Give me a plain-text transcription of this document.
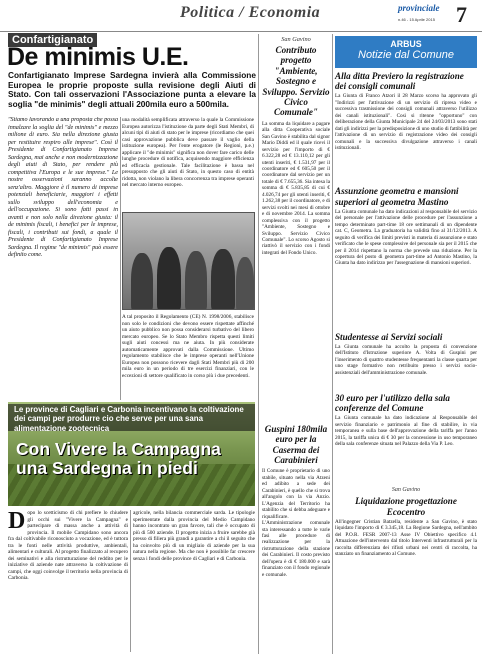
Politica / Economia	provinciale
n.46 - 15 Aprile 2015 7
Confartigianato
De minimis U.E.
Confartigianato Imprese Sardegna invierà alla Commissione Europea le proprie proposte sulla revisione degli Aiuti di Stato. Con tali osservazioni l'Associazione punta a elevare la soglia "de minimis" degli attuali 200mila euro a 500mila.
"Stiamo lavorando a una proposta che possa innalzare la soglia del "de minimis" e mezzo milione di euro. Sia nella direzione giusta per restituire respiro alle imprese". Così il Presidente di Confartigianato Imprese Sardegna, mai anche e non modernizzazione degli aiuti di Stato, per rendere più competitiva l'Europa e le sue imprese." Le nostre osservazioni saranno accolte senz'altro. Maggiore è il numero di imprese potenziali beneficiarie, maggiori i effetti sullo sviluppo dell'economia e dell'occupazione. Si sono fatti passi in avanti e non solo nella direzione giusta: il de minimis fiscali, i benefici per le imprese, fiscali, i contributi sui fondi, a quale il Presidente di Confartigianato Imprese Sardegna. Il regime "de minimis" può essere definito come.
una modalità semplificata attraverso la quale la Commissione Europea autorizza l'istituzione da parte degli Stati Membri, di alcuni tipi di aiuti di stato per le imprese (ricordiamo che quei casi approvazione pubblica deve passare il vaglio della istituzione europea). Per l'ente erogatore (le Regioni, p.e.) applicare il "de minimis" significa non dover fare carico delle lunghe procedure di notifica, acquisendo maggiore efficienza ed efficacia gestionale. Tale facilitazione è bassa nel presupposto che gli aiuti di Stato, in questo caso di entità ridotta, non violano la libera concorrenza tra imprese operanti nel mercato interno europeo.
A tal proposito il Regolamento (CE) N. 1998/2006, stabilisce non solo le condizioni che devono essere rispettate affinché un aiuto pubblico non possa considerarsi turbativo del libero mercato europeo. Se lo Stato Membro rispetta questi limiti sugli aiuti concessi ma ne aiuta. In più considerate automaticamente approvati dalla Commissione. Ultimo regolamento stabilisce che le imprese operanti nell'Unione Europea non possono ricevere dagli Stati Membri più di 200 mila euro in un periodo di tre esercizi finanziari, con le eccezioni di settore qualificato in corso più i due precedenti.
Le province di Cagliari e Carbonia incentivano la coltivazione dei campi per produrre cio che serve per una sana alimentazione zootecnica
Con Vivere la Campagna una Sardegna in piedi
Dopo lo scetticismo di chi prefiere lo chiudere gli occhi sui "Vivere la Campagna" e partecipare di massa anche a attività di provincia. Il mobile Campidano sono ancora fra dal coltivabile riconosciuto a vocazione, ed è tuttora tra le fonti nelle attività produttive, ambientali, alimentari e culturali. Al progetto finalizzato al recupero dei seminativi e alla ristrutturazione del reddito per le iniziative di aziende nate attraverso la coltivazione di campi, che oggi coinvolge il territorio nella provincia di Carbonia.
agricole, nella bilancia commerciale sarda. Le tipologie sperimentate dalla provincia del Medio Campidano hanno incontrato un gran favore, tali che è occupato di più di 500 aziende. Il progetto inizia a fruire sarebbe già presso di filiera più grandi a garantire a chi il seguito che ha coinvolto più di un migliaio di aziende per la sua natura nella regione. Ma che non è possibile far crescere senza i fondi delle province di Cagliari e di Carbonia.
San Gavino
Contributo progetto "Ambiente, Sostegno e Sviluppo. Servizio Civico Comunale"
La somma da liquidare a pagare alla ditta Cooperativa sociale San Gavino è stabilita dal signor Mario Diddi ed il quale ricevi il servizio per l'importo di € 6.322,28 ed € 13.110,12 per gli utenti inseriti, € 1.531,97 per il coordinatore ed € 605,50 per il coordinatore dal servizio per un totale di € 7.655,36. Sia intesa la somma di € 5.835,85 di cui € 4.026,74 per gli utenti inseriti, € 1.262,38 per il coordinatore, e di servizi svolti nei mesi di ottobre e di novembre 2014. La somma complessiva con il progetto "Ambiente, Sostegno e Sviluppo. Servizio Civico Comunale". Lo scorso Agosto si riattivò il servizio con i fondi integrati del Fondo Unico.
Guspini 180mila euro per la Caserma dei Carabinieri
Il Comune è proprietario di uno stabile, situato nella via Atzeni ed adibito a sede dei Carabinieri, è quello che si trova all'angolo con la via Anzio. L'Agenzia del Territorio ha stabilito che si debba adeguare e riqualificare. L'Amministrazione comunale sta interessando a tutte le varie fasi alle procedure di realizzazione per la ristrutturazione della stazione dei Carabinieri. Il costo previsto dell'opera è di € 180.000 e sarà finanziato con il fondo regionale e comunale.
ARBUS
Notizie dal Comune
Alla ditta Previero la registrazione dei consigli comunali
La Giunta di Franco Atzori il 28 Marzo scorso ha approvato gli "Indirizzi per l'attivazione di un servizio di ripresa video e successiva trasmissione dei consigli comunali attraverso l'utilizzo dei canali istituzionali". Così si ritenne "opportuno" con deliberazione della Giunta Municipale 24 del 24/03/2013 sono stati dati gli indirizzi per la predisposizione di uno studio di fattibilità per l'attivazione di un servizio di registrazione video dei consigli comunali e la successiva divulgazione attraverso i canali istituzionali.
Assunzione geometra e mansioni superiori al geometra Mastino
La Giunta comunale ha dato indicazioni al responsabile del servizio del personale per l'attivazione delle procedure per l'assunzione a tempo determinato part-time 18 ore settimanali di un dipendente cat. C, Geometra. La graduatoria ha validità fino al 31/12/2013. A seguito di verifica dei limiti previsti in materia di assunzione e stato verificato che le spese complessive del personale sia per il 2015 che per il 2014 rispettano la norma che prevede una riduzione. Per la copertura del posto di geometra part-time ad Antonio Mastino, la Giunta ha dato indirizzo per l'assegnazione di mansioni superiori.
Studentesse ai Servizi sociali
La Giunta comunale ha accolto la proposta di convenzione dell'Istituto d'Istruzione superiore A. Volta di Guspini per l'inserimento di quattro studentesse frequentanti la classe quarta per uno stage formativo non retribuito presso i servizi socio-assistenziali dell'amministrazione comunale.
30 euro per l'utilizzo della sala conferenze del Comune
La Giunta comunale ha dato indicazione al Responsabile del servizio finanziario e patrimonio al fine di stabilire, in via temporanea e sulla base dell'approvazione della tariffa per l'anno 2015, la tariffa unica di € 30 per la concessione in uso temporaneo della sala conferenze situata nel Palazzo della Via P. Leo.
San Gavino
Liquidazione progettazione Ecocentro
All'ingegner Cristian Batzella, residente a San Gavino, è stato liquidato l'importo di € 3.345,18. La Regione Sardegna, nell'ambito del P.O.R. FESR 2007-13 Asse IV Obiettivo specifico 4.1 Attuazione dell'intervento dal titolo Interventi infrastrutturali per la raccolta differenziata dei rifiuti urbani nei centri di raccolta, ha stanziato un finanziamento al Comune.
